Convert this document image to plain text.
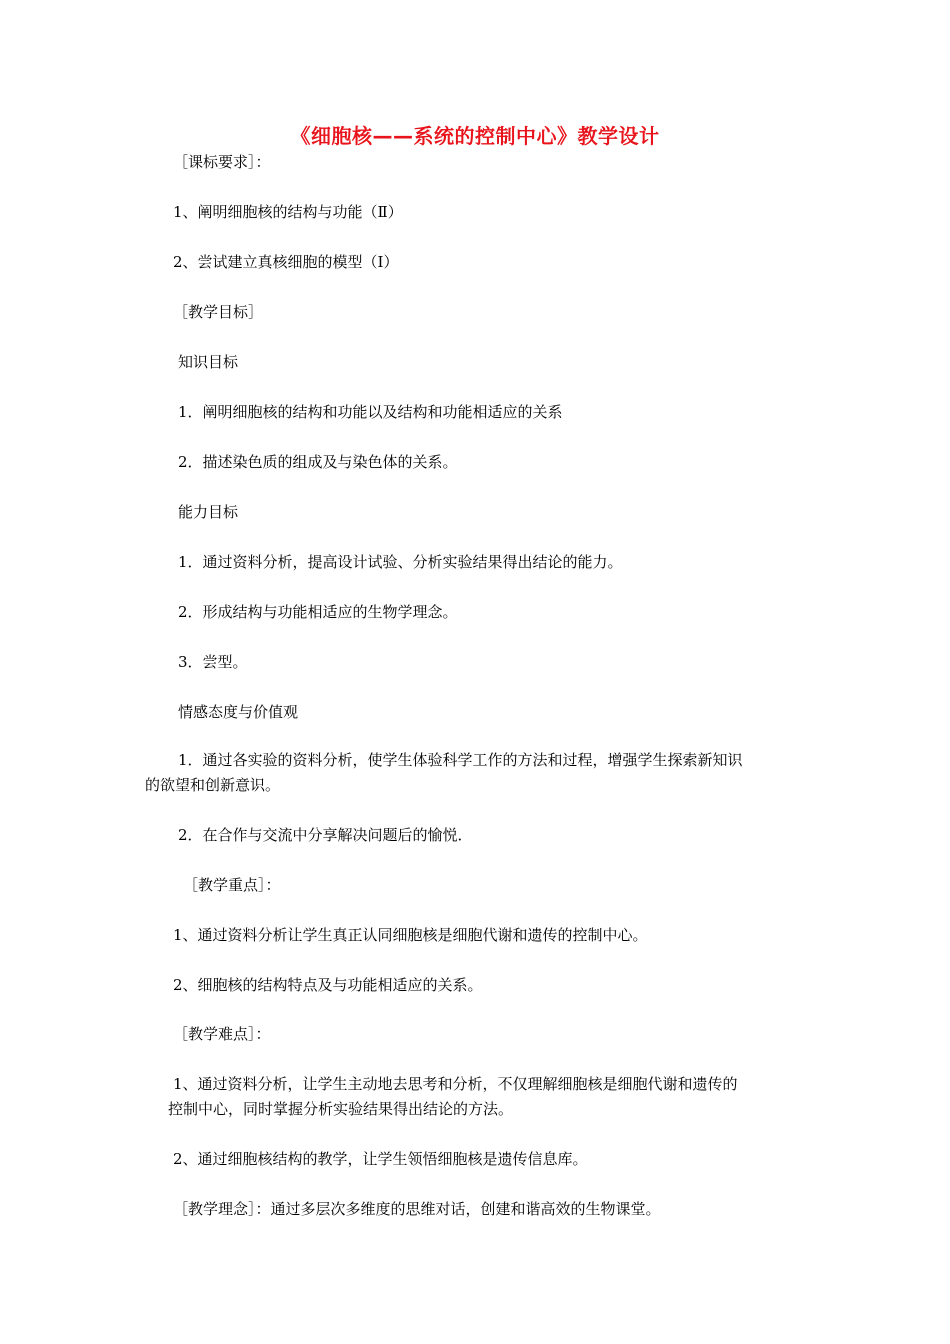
《细胞核——系统的控制中心》教学设计
［课标要求］：
1、阐明细胞核的结构与功能（Ⅱ）
2、尝试建立真核细胞的模型（Ⅰ）
［教学目标］
知识目标
1．阐明细胞核的结构和功能以及结构和功能相适应的关系
2．描述染色质的组成及与染色体的关系。
能力目标
1．通过资料分析，提高设计试验、分析实验结果得出结论的能力。
2．形成结构与功能相适应的生物学理念。
3．尝型。
情感态度与价值观
1．通过各实验的资料分析，使学生体验科学工作的方法和过程，增强学生探索新知识
的欲望和创新意识。
2．在合作与交流中分享解决问题后的愉悦．
［教学重点］：
1、通过资料分析让学生真正认同细胞核是细胞代谢和遗传的控制中心。
2、细胞核的结构特点及与功能相适应的关系。
［教学难点］：
1、通过资料分析，让学生主动地去思考和分析，不仅理解细胞核是细胞代谢和遗传的
控制中心，同时掌握分析实验结果得出结论的方法。
2、通过细胞核结构的教学，让学生领悟细胞核是遗传信息库。
［教学理念］：通过多层次多维度的思维对话，创建和谐高效的生物课堂。
